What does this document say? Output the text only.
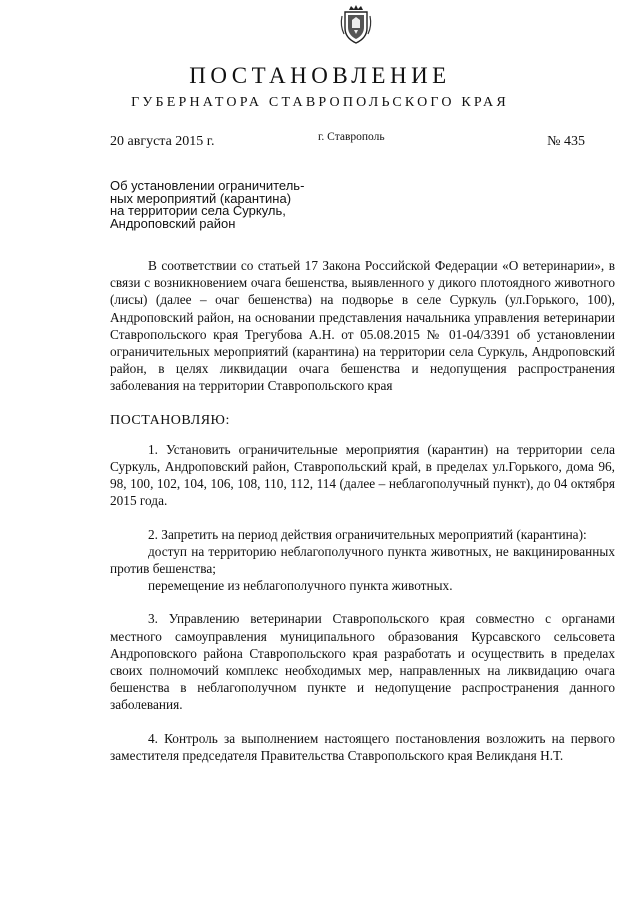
ПОСТАНОВЛЕНИЕ
ГУБЕРНАТОРА СТАВРОПОЛЬСКОГО КРАЯ
20 августа 2015 г.	г. Ставрополь	№ 435
Об установлении ограничитель-
ных мероприятий (карантина)
на территории села Суркуль,
Андроповский район

В соответствии со статьей 17 Закона Российской Федерации «О ветеринарии», в связи с возникновением очага бешенства, выявленного у дикого плотоядного животного (лисы) (далее – очаг бешенства) на подворье в селе Суркуль (ул.Горького, 100), Андроповский район, на основании представления начальника управления ветеринарии Ставропольского края Трегубова А.Н. от 05.08.2015 № 01-04/3391 об установлении ограничительных мероприятий (карантина) на территории села Суркуль, Андроповский район, в целях ликвидации очага бешенства и недопущения распространения заболевания на территории Ставропольского края

ПОСТАНОВЛЯЮ:

1. Установить ограничительные мероприятия (карантин) на территории села Суркуль, Андроповский район, Ставропольский край, в пределах ул.Горького, дома 96, 98, 100, 102, 104, 106, 108, 110, 112, 114 (далее – неблагополучный пункт), до 04 октября 2015 года.

2. Запретить на период действия ограничительных мероприятий (карантина):

доступ на территорию неблагополучного пункта животных, не вакцинированных против бешенства;

перемещение из неблагополучного пункта животных.

3. Управлению ветеринарии Ставропольского края совместно с органами местного самоуправления муниципального образования Курсавского сельсовета Андроповского района Ставропольского края разработать и осуществить в пределах своих полномочий комплекс необходимых мер, направленных на ликвидацию очага бешенства в неблагополучном пункте и недопущение распространения данного заболевания.

4. Контроль за выполнением настоящего постановления возложить на первого заместителя председателя Правительства Ставропольского края Великданя Н.Т.
